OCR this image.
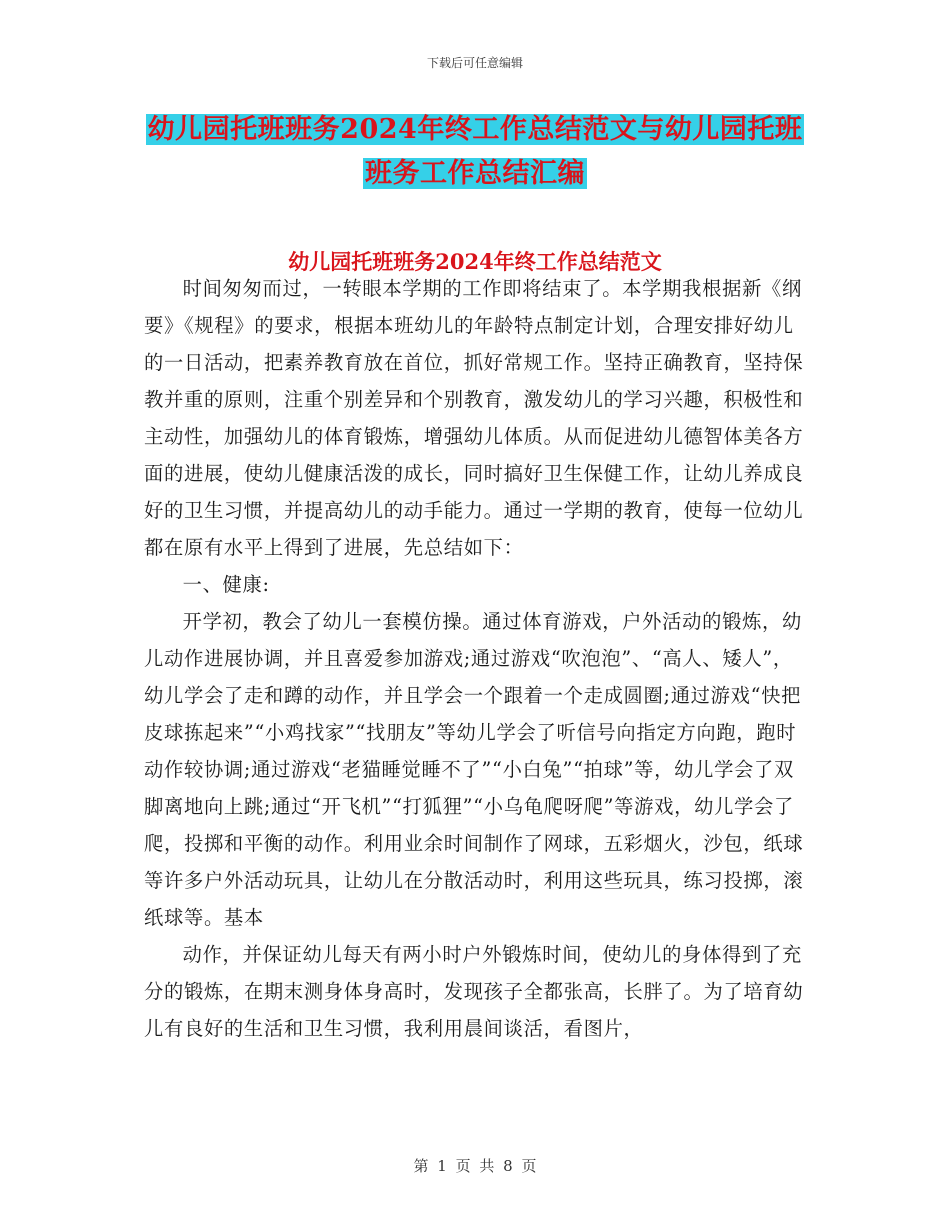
下载后可任意编辑
幼儿园托班班务2024年终工作总结范文与幼儿园托班
班务工作总结汇编
幼儿园托班班务2024年终工作总结范文

时间匆匆而过，一转眼本学期的工作即将结束了。本学期我根据新《纲要》《规程》的要求，根据本班幼儿的年龄特点制定计划，合理安排好幼儿的一日活动，把素养教育放在首位，抓好常规工作。坚持正确教育，坚持保教并重的原则，注重个别差异和个别教育，激发幼儿的学习兴趣，积极性和主动性，加强幼儿的体育锻炼，增强幼儿体质。从而促进幼儿德智体美各方面的进展，使幼儿健康活泼的成长，同时搞好卫生保健工作，让幼儿养成良好的卫生习惯，并提高幼儿的动手能力。通过一学期的教育，使每一位幼儿都在原有水平上得到了进展，先总结如下：

一、健康:

开学初，教会了幼儿一套模仿操。通过体育游戏，户外活动的锻炼，幼儿动作进展协调，并且喜爱参加游戏;通过游戏“吹泡泡”、“高人、矮人”， 幼儿学会了走和蹲的动作，并且学会一个跟着一个走成圆圈;通过游戏“快把皮球拣起来”“小鸡找家”“找朋友”等幼儿学会了听信号向指定方向跑，跑时动作较协调;通过游戏“老猫睡觉睡不了”“小白兔”“拍球”等，幼儿学会了双脚离地向上跳;通过“开飞机”“打狐狸”“小乌龟爬呀爬”等游戏，幼儿学会了爬，投掷和平衡的动作。利用业余时间制作了网球，五彩烟火，沙包，纸球等许多户外活动玩具，让幼儿在分散活动时，利用这些玩具，练习投掷，滚纸球等。基本

动作，并保证幼儿每天有两小时户外锻炼时间，使幼儿的身体得到了充分的锻炼，在期末测身体身高时，发现孩子全都张高，长胖了。为了培育幼儿有良好的生活和卫生习惯，我利用晨间谈活，看图片，

第 1 页 共 8 页
